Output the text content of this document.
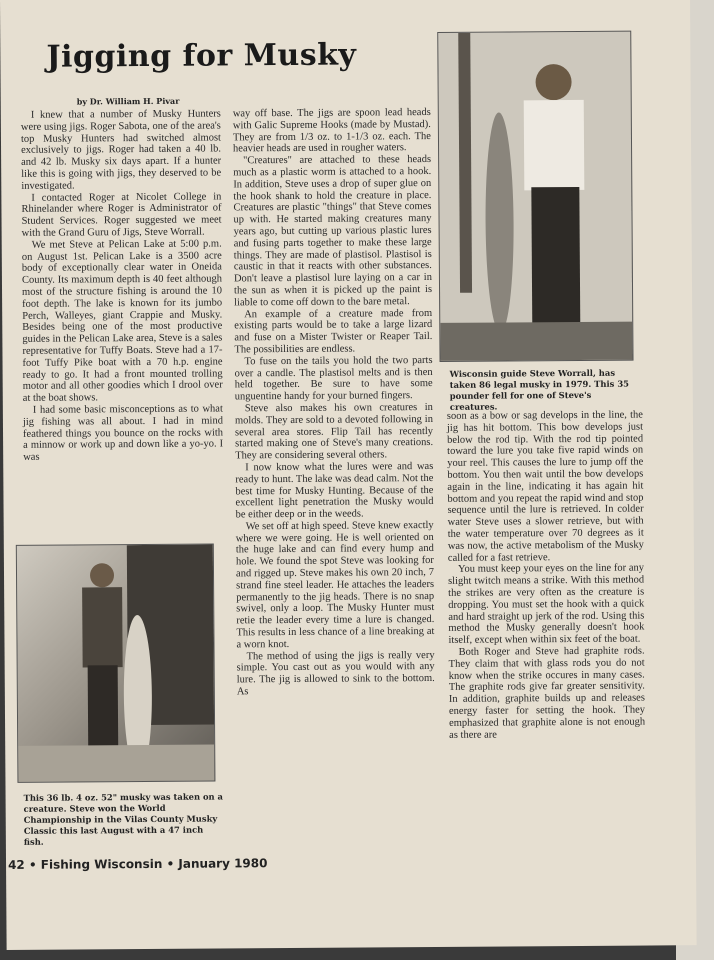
Jigging for Musky
by Dr. William H. Pivar

I knew that a number of Musky Hunters were using jigs. Roger Sabota, one of the area's top Musky Hunters had switched almost exclusively to jigs. Roger had taken a 40 lb. and 42 lb. Musky six days apart. If a hunter like this is going with jigs, they deserved to be investigated.

I contacted Roger at Nicolet College in Rhinelander where Roger is Administrator of Student Services. Roger suggested we meet with the Grand Guru of Jigs, Steve Worrall.

We met Steve at Pelican Lake at 5:00 p.m. on August 1st. Pelican Lake is a 3500 acre body of exceptionally clear water in Oneida County. Its maximum depth is 40 feet although most of the structure fishing is around the 10 foot depth. The lake is known for its jumbo Perch, Walleyes, giant Crappie and Musky. Besides being one of the most productive guides in the Pelican Lake area, Steve is a sales representative for Tuffy Boats. Steve had a 17-foot Tuffy Pike boat with a 70 h.p. engine ready to go. It had a front mounted trolling motor and all other goodies which I drool over at the boat shows.

I had some basic misconceptions as to what jig fishing was all about. I had in mind feathered things you bounce on the rocks with a minnow or work up and down like a yo-yo. I was

This 36 lb. 4 oz. 52" musky was taken on a creature. Steve won the World Championship in the Vilas County Musky Classic this last August with a 47 inch fish.

way off base. The jigs are spoon lead heads with Galic Supreme Hooks (made by Mustad). They are from 1/3 oz. to 1-1/3 oz. each. The heavier heads are used in rougher waters.

"Creatures" are attached to these heads much as a plastic worm is attached to a hook. In addition, Steve uses a drop of super glue on the hook shank to hold the creature in place. Creatures are plastic "things" that Steve comes up with. He started making creatures many years ago, but cutting up various plastic lures and fusing parts together to make these large things. They are made of plastisol. Plastisol is caustic in that it reacts with other substances. Don't leave a plastisol lure laying on a car in the sun as when it is picked up the paint is liable to come off down to the bare metal.

An example of a creature made from existing parts would be to take a large lizard and fuse on a Mister Twister or Reaper Tail. The possibilities are endless.

To fuse on the tails you hold the two parts over a candle. The plastisol melts and is then held together. Be sure to have some unguentine handy for your burned fingers.

Steve also makes his own creatures in molds. They are sold to a devoted following in several area stores. Flip Tail has recently started making one of Steve's many creations. They are considering several others.

I now know what the lures were and was ready to hunt. The lake was dead calm. Not the best time for Musky Hunting. Because of the excellent light penetration the Musky would be either deep or in the weeds.

We set off at high speed. Steve knew exactly where we were going. He is well oriented on the huge lake and can find every hump and hole. We found the spot Steve was looking for and rigged up. Steve makes his own 20 inch, 7 strand fine steel leader. He attaches the leaders permanently to the jig heads. There is no snap swivel, only a loop. The Musky Hunter must retie the leader every time a lure is changed. This results in less chance of a line breaking at a worn knot.

The method of using the jigs is really very simple. You cast out as you would with any lure. The jig is allowed to sink to the bottom. As

Wisconsin guide Steve Worrall, has taken 86 legal musky in 1979. This 35 pounder fell for one of Steve's creatures.

soon as a bow or sag develops in the line, the jig has hit bottom. This bow develops just below the rod tip. With the rod tip pointed toward the lure you take five rapid winds on your reel. This causes the lure to jump off the bottom. You then wait until the bow develops again in the line, indicating it has again hit bottom and you repeat the rapid wind and stop sequence until the lure is retrieved. In colder water Steve uses a slower retrieve, but with the water temperature over 70 degrees as it was now, the active metabolism of the Musky called for a fast retrieve.

You must keep your eyes on the line for any slight twitch means a strike. With this method the strikes are very often as the creature is dropping. You must set the hook with a quick and hard straight up jerk of the rod. Using this method the Musky generally doesn't hook itself, except when within six feet of the boat.

Both Roger and Steve had graphite rods. They claim that with glass rods you do not know when the strike occures in many cases. The graphite rods give far greater sensitivity. In addition, graphite builds up and releases energy faster for setting the hook. They emphasized that graphite alone is not enough as there are

42 • Fishing Wisconsin • January 1980
